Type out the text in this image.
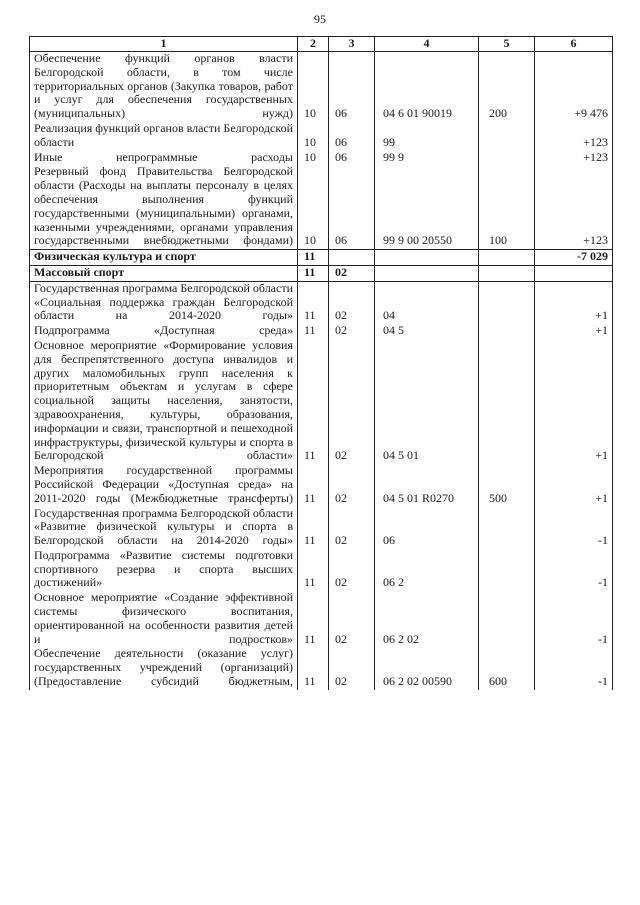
95
1	2	3	4	5	6
Обеспечение функций органов власти Белгородской области, в том числе территориальных органов (Закупка товаров, работ и услуг для обеспечения государственных (муниципальных) нужд)	10	06	04 6 01 90019	200	+9 476
Реализация функций органов власти Белгородской области	10	06	99		+123
Иные непрограммные расходы	10	06	99 9		+123
Резервный фонд Правительства Белгородской области (Расходы на выплаты персоналу в целях обеспечения выполнения функций государственными (муниципальными) органами, казенными учреждениями, органами управления государственными внебюджетными фондами)	10	06	99 9 00 20550	100	+123
Физическая культура и спорт	11				-7 029
Массовый спорт	11	02			
Государственная программа Белгородской области «Социальная поддержка граждан Белгородской области на 2014-2020 годы»	11	02	04		+1
Подпрограмма «Доступная среда»	11	02	04 5		+1
Основное мероприятие «Формирование условия для беспрепятственного доступа инвалидов и других маломобильных групп населения к приоритетным объектам и услугам в сфере социальной защиты населения, занятости, здравоохранения, культуры, образования, информации и связи, транспортной и пешеходной инфраструктуры, физической культуры и спорта в Белгородской области»	11	02	04 5 01		+1
Мероприятия государственной программы Российской Федерации «Доступная среда» на 2011-2020 годы (Межбюджетные трансферты)	11	02	04 5 01 R0270	500	+1
Государственная программа Белгородской области «Развитие физической культуры и спорта в Белгородской области на 2014-2020 годы»	11	02	06		-1
Подпрограмма «Развитие системы подготовки спортивного резерва и спорта высших достижений»	11	02	06 2		-1
Основное мероприятие «Создание эффективной системы физического воспитания, ориентированной на особенности развития детей и подростков»	11	02	06 2 02		-1
Обеспечение деятельности (оказание услуг) государственных учреждений (организаций) (Предоставление субсидий бюджетным,	11	02	06 2 02 00590	600	-1
